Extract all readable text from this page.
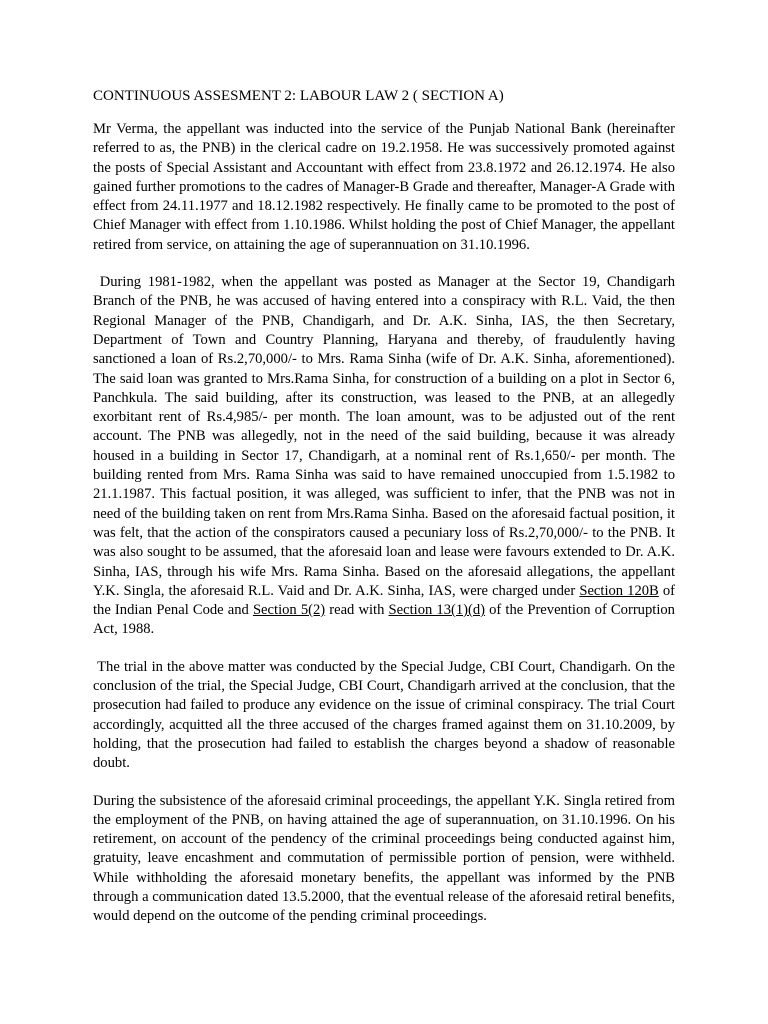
CONTINUOUS ASSESMENT 2: LABOUR LAW 2 ( SECTION A)

Mr Verma, the appellant was inducted into the service of the Punjab National Bank (hereinafter referred to as, the PNB) in the clerical cadre on 19.2.1958. He was successively promoted against the posts of Special Assistant and Accountant with effect from 23.8.1972 and 26.12.1974. He also gained further promotions to the cadres of Manager-B Grade and thereafter, Manager-A Grade with effect from 24.11.1977 and 18.12.1982 respectively. He finally came to be promoted to the post of Chief Manager with effect from 1.10.1986. Whilst holding the post of Chief Manager, the appellant retired from service, on attaining the age of superannuation on 31.10.1996.

During 1981-1982, when the appellant was posted as Manager at the Sector 19, Chandigarh Branch of the PNB, he was accused of having entered into a conspiracy with R.L. Vaid, the then Regional Manager of the PNB, Chandigarh, and Dr. A.K. Sinha, IAS, the then Secretary, Department of Town and Country Planning, Haryana and thereby, of fraudulently having sanctioned a loan of Rs.2,70,000/- to Mrs. Rama Sinha (wife of Dr. A.K. Sinha, aforementioned). The said loan was granted to Mrs.Rama Sinha, for construction of a building on a plot in Sector 6, Panchkula. The said building, after its construction, was leased to the PNB, at an allegedly exorbitant rent of Rs.4,985/- per month. The loan amount, was to be adjusted out of the rent account. The PNB was allegedly, not in the need of the said building, because it was already housed in a building in Sector 17, Chandigarh, at a nominal rent of Rs.1,650/- per month. The building rented from Mrs. Rama Sinha was said to have remained unoccupied from 1.5.1982 to 21.1.1987. This factual position, it was alleged, was sufficient to infer, that the PNB was not in need of the building taken on rent from Mrs.Rama Sinha. Based on the aforesaid factual position, it was felt, that the action of the conspirators caused a pecuniary loss of Rs.2,70,000/- to the PNB. It was also sought to be assumed, that the aforesaid loan and lease were favours extended to Dr. A.K. Sinha, IAS, through his wife Mrs. Rama Sinha. Based on the aforesaid allegations, the appellant Y.K. Singla, the aforesaid R.L. Vaid and Dr. A.K. Sinha, IAS, were charged under Section 120B of the Indian Penal Code and Section 5(2) read with Section 13(1)(d) of the Prevention of Corruption Act, 1988.

The trial in the above matter was conducted by the Special Judge, CBI Court, Chandigarh. On the conclusion of the trial, the Special Judge, CBI Court, Chandigarh arrived at the conclusion, that the prosecution had failed to produce any evidence on the issue of criminal conspiracy. The trial Court accordingly, acquitted all the three accused of the charges framed against them on 31.10.2009, by holding, that the prosecution had failed to establish the charges beyond a shadow of reasonable doubt.

During the subsistence of the aforesaid criminal proceedings, the appellant Y.K. Singla retired from the employment of the PNB, on having attained the age of superannuation, on 31.10.1996. On his retirement, on account of the pendency of the criminal proceedings being conducted against him, gratuity, leave encashment and commutation of permissible portion of pension, were withheld. While withholding the aforesaid monetary benefits, the appellant was informed by the PNB through a communication dated 13.5.2000, that the eventual release of the aforesaid retiral benefits, would depend on the outcome of the pending criminal proceedings.
